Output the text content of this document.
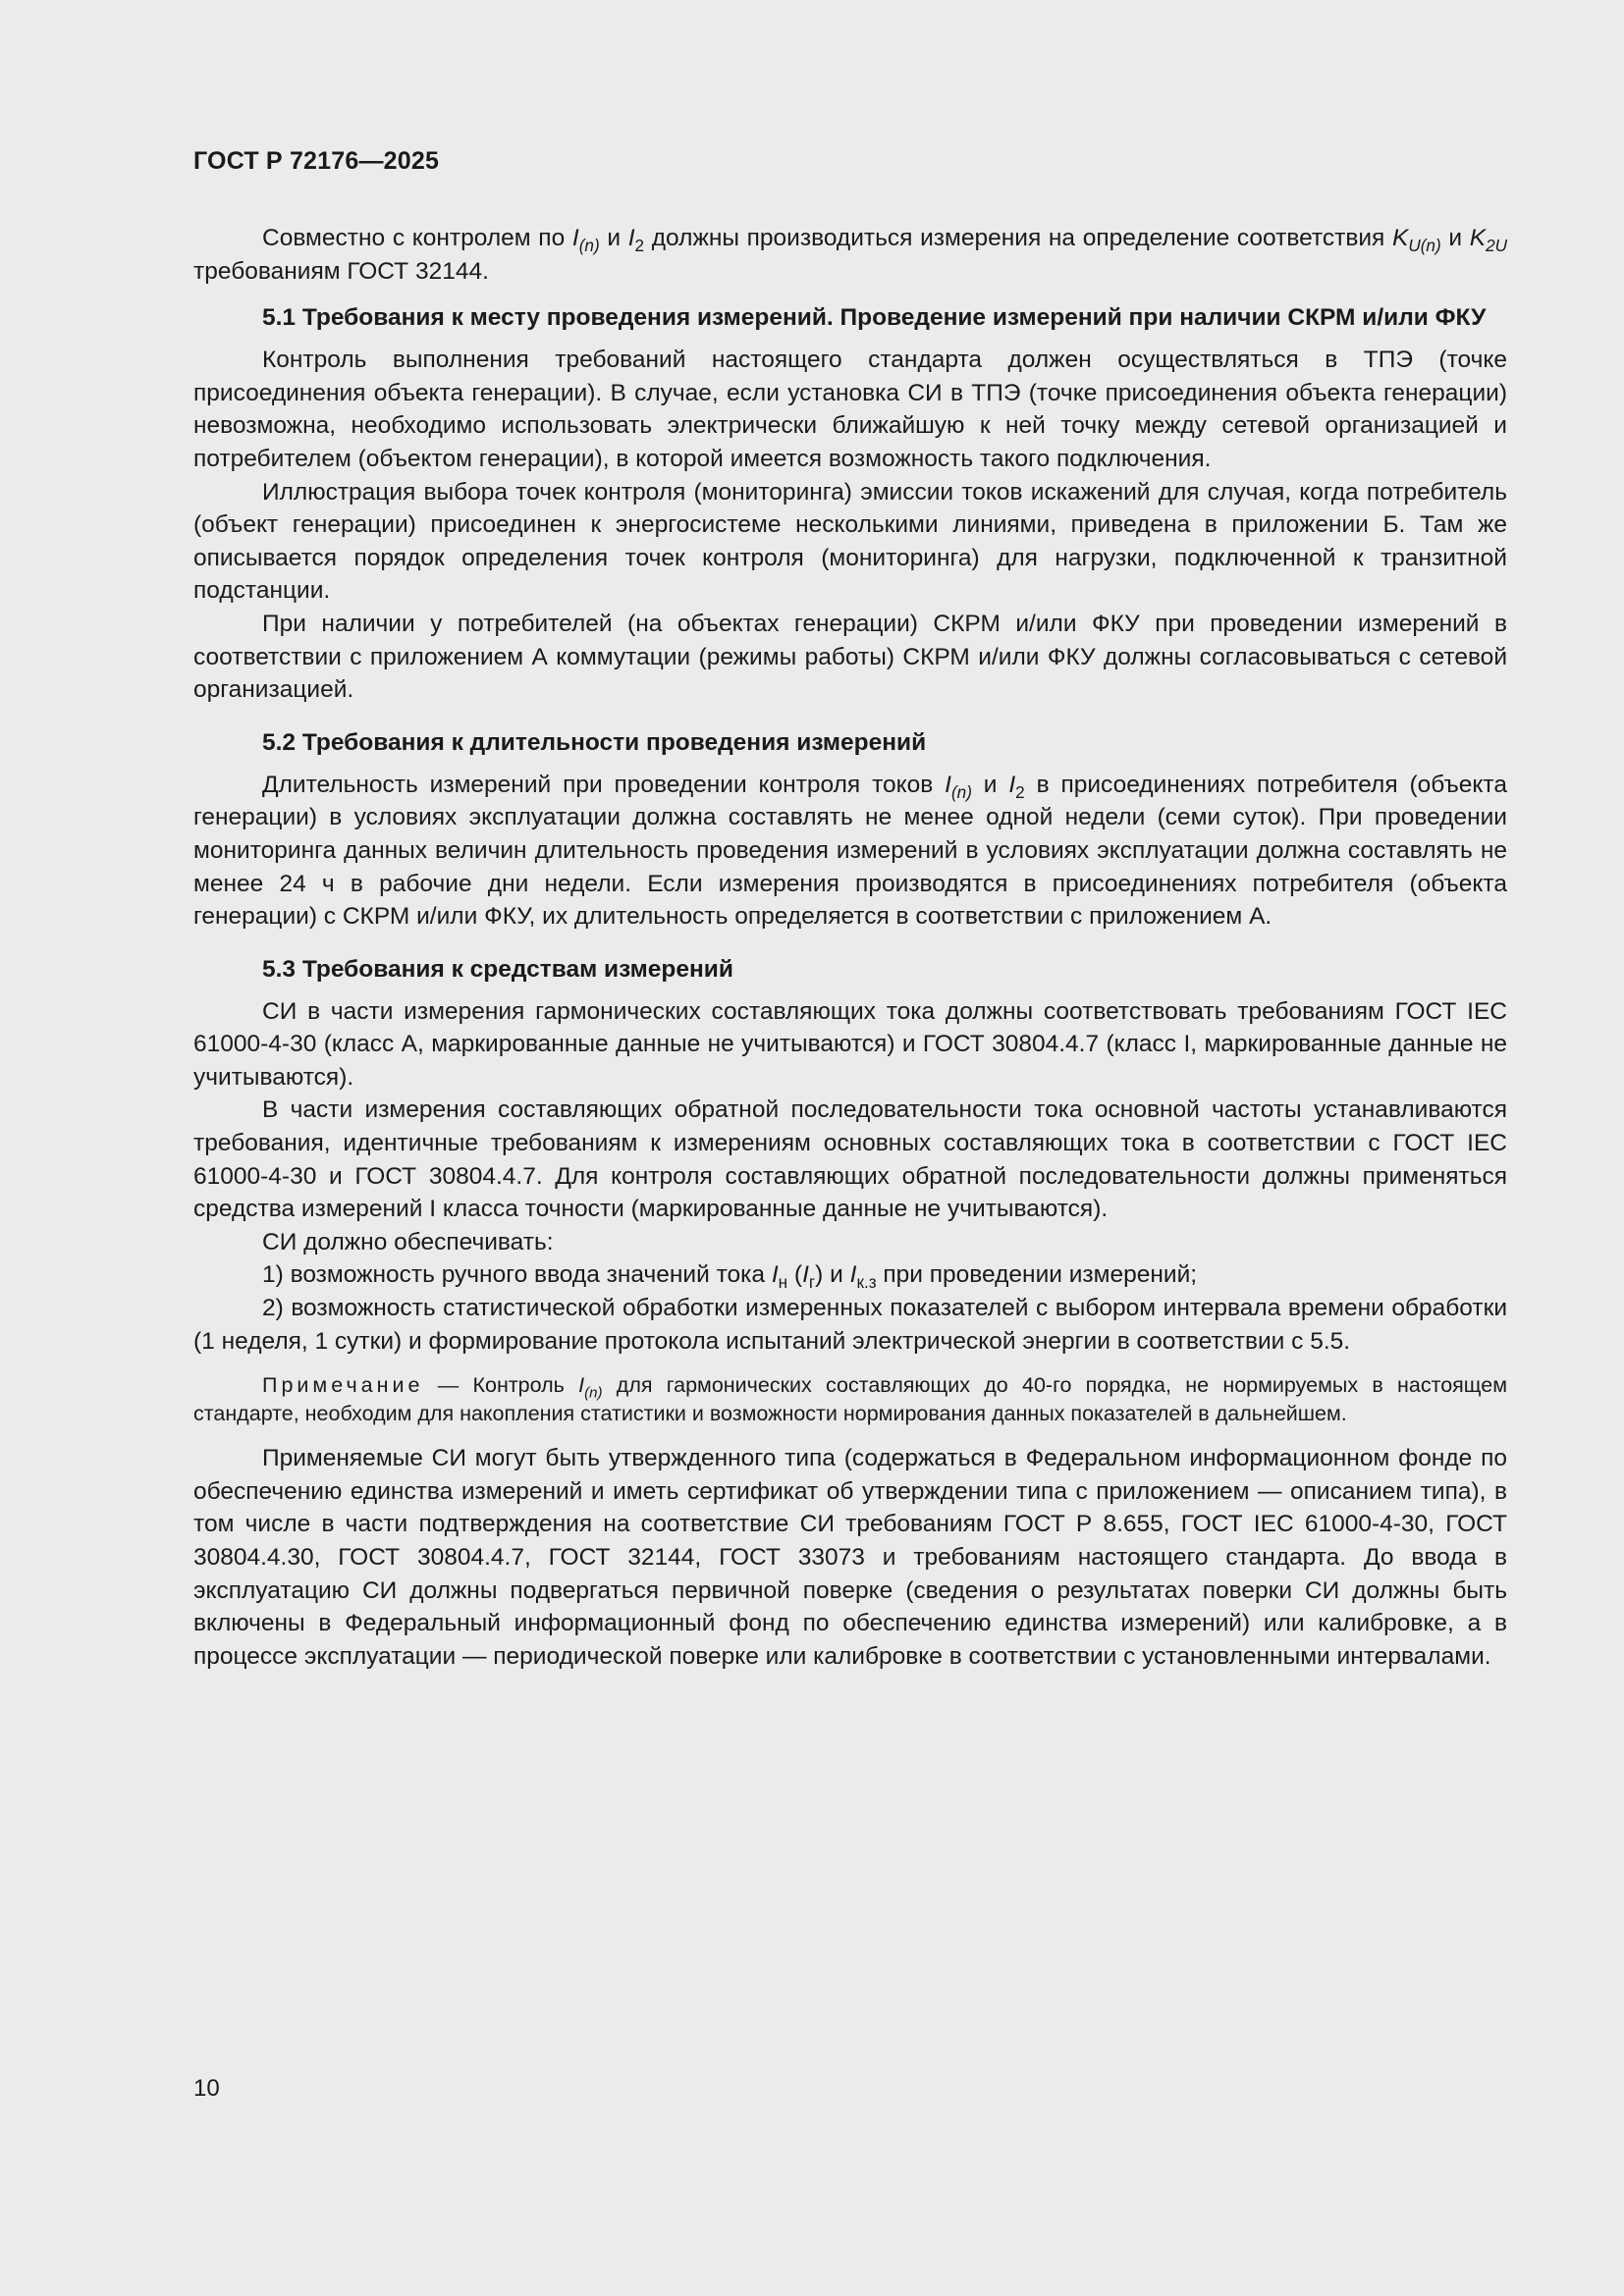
ГОСТ Р 72176—2025

Совместно с контролем по $I_{(n)}$ и $I_2$ должны производиться измерения на определение соответствия $K_{U(n)}$ и $K_{2U}$ требованиям ГОСТ 32144.

5.1 Требования к месту проведения измерений. Проведение измерений при наличии СКРМ и/или ФКУ

Контроль выполнения требований настоящего стандарта должен осуществляться в ТПЭ (точке присоединения объекта генерации). В случае, если установка СИ в ТПЭ (точке присоединения объекта генерации) невозможна, необходимо использовать электрически ближайшую к ней точку между сетевой организацией и потребителем (объектом генерации), в которой имеется возможность такого подключения.

Иллюстрация выбора точек контроля (мониторинга) эмиссии токов искажений для случая, когда потребитель (объект генерации) присоединен к энергосистеме несколькими линиями, приведена в приложении Б. Там же описывается порядок определения точек контроля (мониторинга) для нагрузки, подключенной к транзитной подстанции.

При наличии у потребителей (на объектах генерации) СКРМ и/или ФКУ при проведении измерений в соответствии с приложением А коммутации (режимы работы) СКРМ и/или ФКУ должны согласовываться с сетевой организацией.

5.2 Требования к длительности проведения измерений

Длительность измерений при проведении контроля токов $I_{(n)}$ и $I_2$ в присоединениях потребителя (объекта генерации) в условиях эксплуатации должна составлять не менее одной недели (семи суток). При проведении мониторинга данных величин длительность проведения измерений в условиях эксплуатации должна составлять не менее 24 ч в рабочие дни недели. Если измерения производятся в присоединениях потребителя (объекта генерации) с СКРМ и/или ФКУ, их длительность определяется в соответствии с приложением А.

5.3 Требования к средствам измерений

СИ в части измерения гармонических составляющих тока должны соответствовать требованиям ГОСТ IEC 61000-4-30 (класс А, маркированные данные не учитываются) и ГОСТ 30804.4.7 (класс I, маркированные данные не учитываются).

В части измерения составляющих обратной последовательности тока основной частоты устанавливаются требования, идентичные требованиям к измерениям основных составляющих тока в соответствии с ГОСТ IEC 61000-4-30 и ГОСТ 30804.4.7. Для контроля составляющих обратной последовательности должны применяться средства измерений I класса точности (маркированные данные не учитываются).

СИ должно обеспечивать:

1) возможность ручного ввода значений тока $I_н$ $(I_г)$ и $I_{к.з}$ при проведении измерений;

2) возможность статистической обработки измеренных показателей с выбором интервала времени обработки (1 неделя, 1 сутки) и формирование протокола испытаний электрической энергии в соответствии с 5.5.

Примечание — Контроль $I_{(n)}$ для гармонических составляющих до 40-го порядка, не нормируемых в настоящем стандарте, необходим для накопления статистики и возможности нормирования данных показателей в дальнейшем.

Применяемые СИ могут быть утвержденного типа (содержаться в Федеральном информационном фонде по обеспечению единства измерений и иметь сертификат об утверждении типа с приложением — описанием типа), в том числе в части подтверждения на соответствие СИ требованиям ГОСТ Р 8.655, ГОСТ IEC 61000-4-30, ГОСТ 30804.4.30, ГОСТ 30804.4.7, ГОСТ 32144, ГОСТ 33073 и требованиям настоящего стандарта. До ввода в эксплуатацию СИ должны подвергаться первичной поверке (сведения о результатах поверки СИ должны быть включены в Федеральный информационный фонд по обеспечению единства измерений) или калибровке, а в процессе эксплуатации — периодической поверке или калибровке в соответствии с установленными интервалами.

10
